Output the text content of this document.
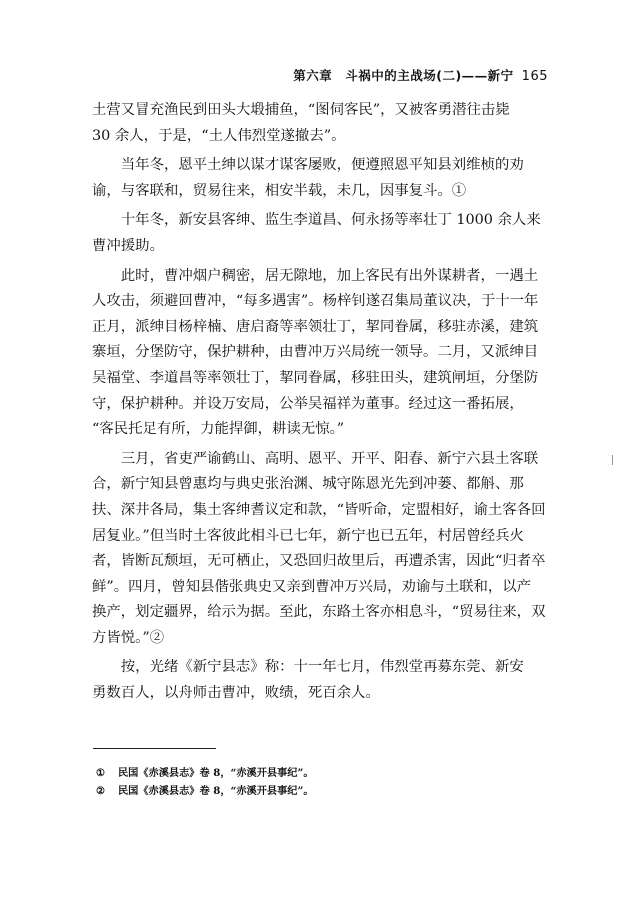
第六章　斗祸中的主战场(二)——新宁 165
土营又冒充渔民到田头大塅捕鱼，“图伺客民”，又被客勇潜往击毙
30 余人，于是，“土人伟烈堂遂撤去”。
　　当年冬，恩平土绅以谋才谋客屡败，便遵照恩平知县刘维桢的劝
谕，与客联和，贸易往来，相安半载，未几，因事复斗。①
　　十年冬，新安县客绅、监生李道昌、何永扬等率壮丁 1000 余人来
曹冲援助。
　　此时，曹冲烟户稠密，居无隙地，加上客民有出外谋耕者，一遇土
人攻击，须避回曹冲，“每多遇害”。杨梓钊遂召集局董议决，于十一年
正月，派绅目杨梓楠、唐启裔等率领壮丁，挈同眷属，移驻赤溪，建筑
寨垣，分堡防守，保护耕种，由曹冲万兴局统一领导。二月，又派绅目
吴福堂、李道昌等率领壮丁，挈同眷属，移驻田头，建筑闸垣，分堡防
守，保护耕种。并设万安局，公举吴福祥为董事。经过这一番拓展，
“客民托足有所，力能捍御，耕读无惊。”
　　三月，省吏严谕鹤山、高明、恩平、开平、阳春、新宁六县土客联
合，新宁知县曾惠均与典史张治渊、城守陈恩光先到冲蒌、都斛、那
扶、深井各局，集土客绅耆议定和款，“皆听命，定盟相好，谕土客各回
居复业。”但当时土客彼此相斗已七年，新宁也已五年，村居曾经兵火
者，皆断瓦颓垣，无可栖止，又恐回归故里后，再遭杀害，因此“归者卒
鲜”。四月，曾知县偕张典史又亲到曹冲万兴局，劝谕与土联和，以产
换产，划定疆界，给示为据。至此，东路土客亦相息斗，“贸易往来，双
方皆悦。”②
　　按，光绪《新宁县志》称：十一年七月，伟烈堂再募东莞、新安
勇数百人，以舟师击曹冲，败绩，死百余人。
① 民国《赤溪县志》卷 8，“赤溪开县事纪”。
② 民国《赤溪县志》卷 8，“赤溪开县事纪”。
